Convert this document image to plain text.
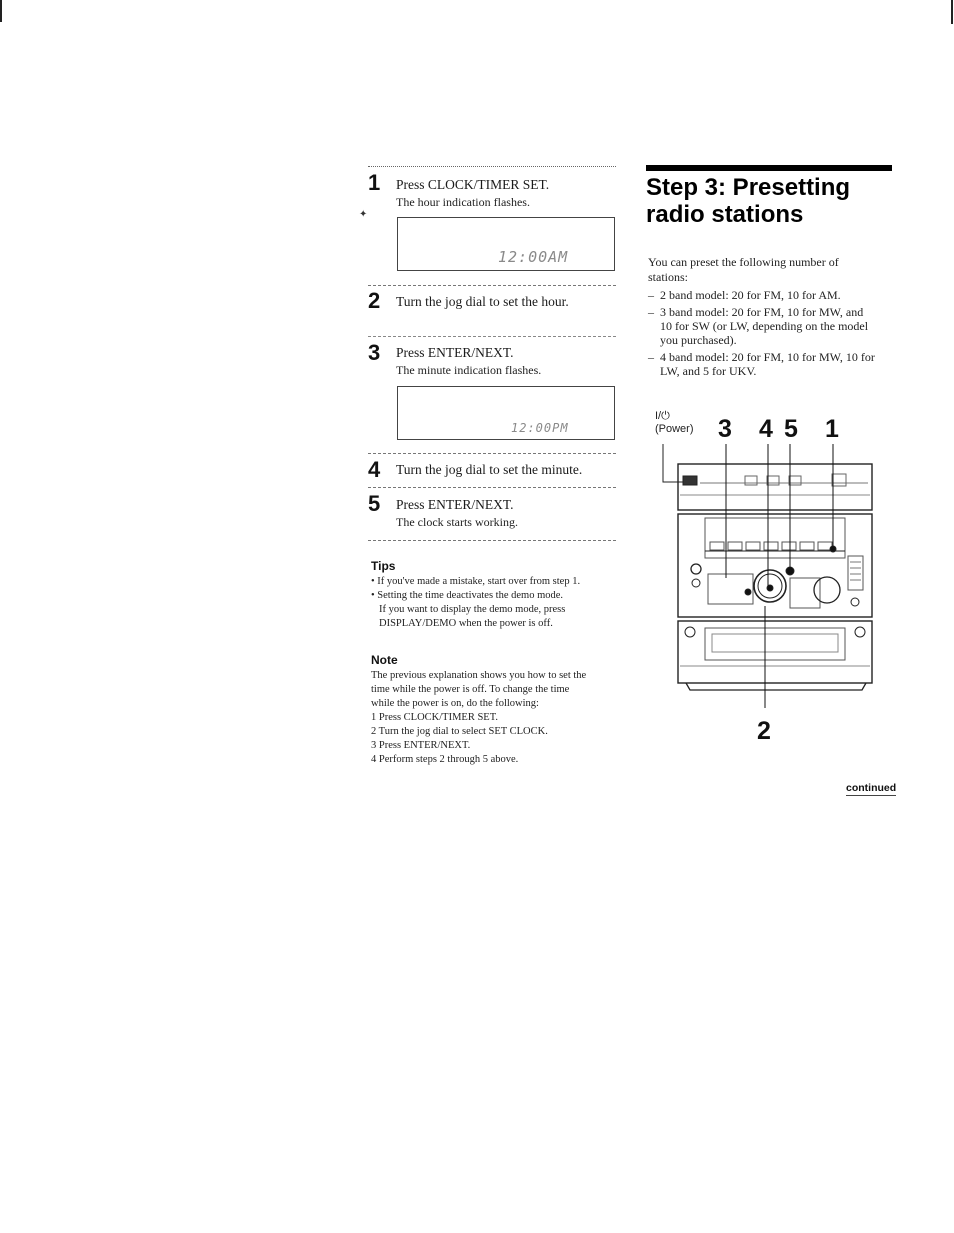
1 Press CLOCK/TIMER SET.
The hour indication flashes.
✦
12:00AM
2 Turn the jog dial to set the hour.
3 Press ENTER/NEXT.
The minute indication flashes.
12:00PM
4 Turn the jog dial to set the minute.
5 Press ENTER/NEXT.
The clock starts working.
Tips
• If you've made a mistake, start over from step 1.
• Setting the time deactivates the demo mode.
If you want to display the demo mode, press
DISPLAY/DEMO when the power is off.
Note
The previous explanation shows you how to set the
time while the power is off. To change the time
while the power is on, do the following:
1 Press CLOCK/TIMER SET.
2 Turn the jog dial to select SET CLOCK.
3 Press ENTER/NEXT.
4 Perform steps 2 through 5 above.
Step 3: Presetting
radio stations
You can preset the following number of stations:
– 2 band model: 20 for FM, 10 for AM.
– 3 band model: 20 for FM, 10 for MW, and
10 for SW (or LW, depending on the model
you purchased).
– 4 band model: 20 for FM, 10 for MW, 10 for
LW, and 5 for UKV.
I/⏻
(Power) 3 4 5 1
2
continued
